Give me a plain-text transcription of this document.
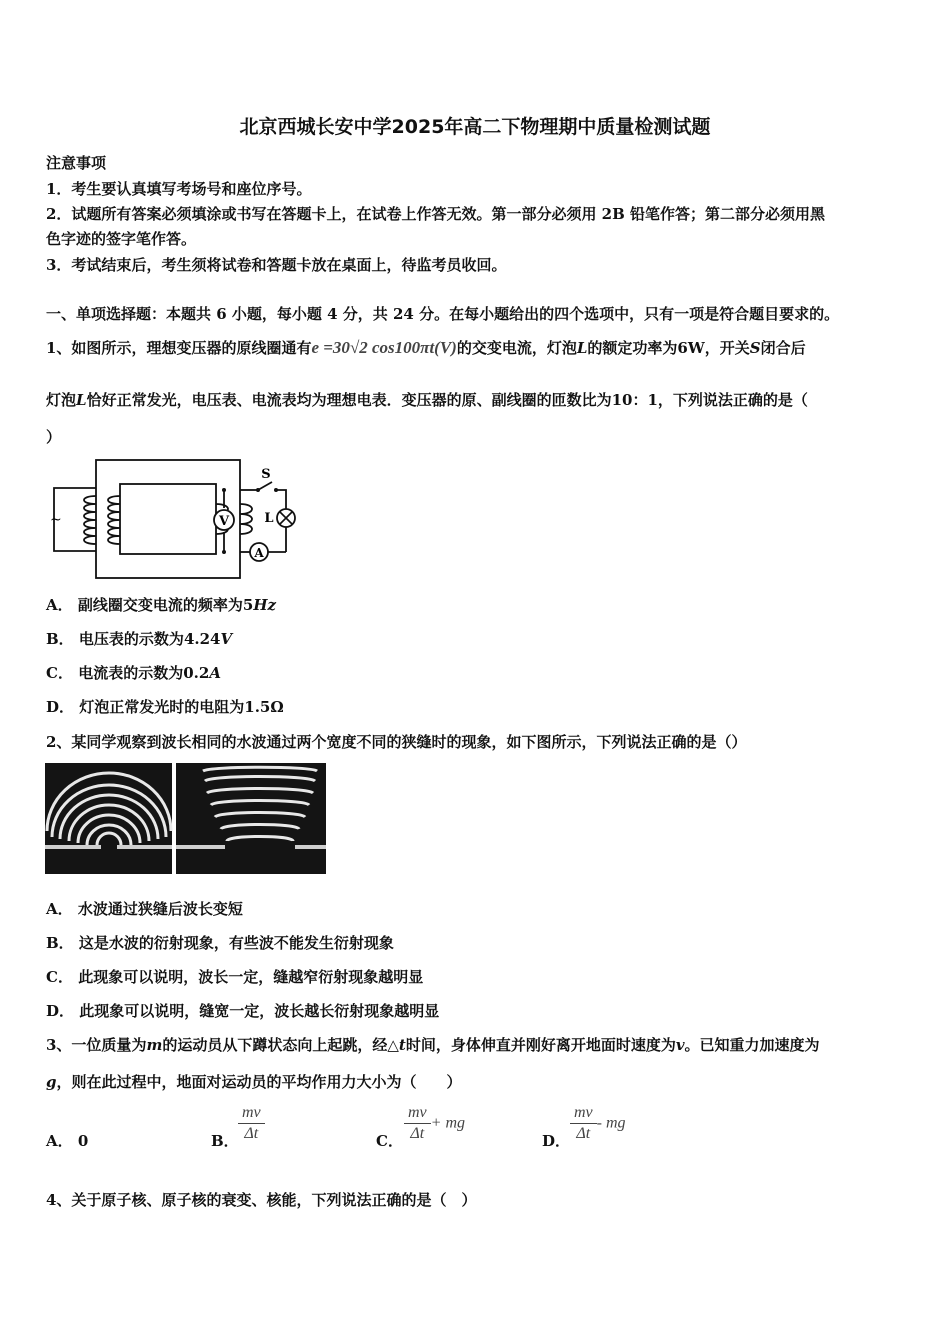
北京西城长安中学2025年高二下物理期中质量检测试题
注意事项
1．考生要认真填写考场号和座位序号。
2．试题所有答案必须填涂或书写在答题卡上，在试卷上作答无效。第一部分必须用 2B 铅笔作答；第二部分必须用黑
色字迹的签字笔作答。
3．考试结束后，考生须将试卷和答题卡放在桌面上，待监考员收回。
一、单项选择题：本题共 6 小题，每小题 4 分，共 24 分。在每小题给出的四个选项中，只有一项是符合题目要求的。
1、如图所示，理想变压器的原线圈通有e =30√2 cos100πt(V)的交变电流，灯泡L的额定功率为6W，开关S闭合后
灯泡L恰好正常发光，电压表、电流表均为理想电表．变压器的原、副线圈的匝数比为10：1，下列说法正确的是（
）
V
A
S
L
~
A． 副线圈交变电流的频率为5Hz
B． 电压表的示数为4.24V
C． 电流表的示数为0.2A
D． 灯泡正常发光时的电阻为1.5Ω
2、某同学观察到波长相同的水波通过两个宽度不同的狭缝时的现象，如下图所示，下列说法正确的是（）
A． 水波通过狭缝后波长变短
B． 这是水波的衍射现象，有些波不能发生衍射现象
C． 此现象可以说明，波长一定，缝越窄衍射现象越明显
D． 此现象可以说明，缝宽一定，波长越长衍射现象越明显
3、一位质量为m的运动员从下蹲状态向上起跳，经△t时间，身体伸直并刚好离开地面时速度为v。已知重力加速度为
g，则在此过程中，地面对运动员的平均作用力大小为（　　）
A． 0	B． $\frac{mv}{\Delta t}$	C． $\frac{mv}{\Delta t}$ + mg
D． $\frac{mv}{\Delta t}$ - mg
4、关于原子核、原子核的衰变、核能，下列说法正确的是（　）
